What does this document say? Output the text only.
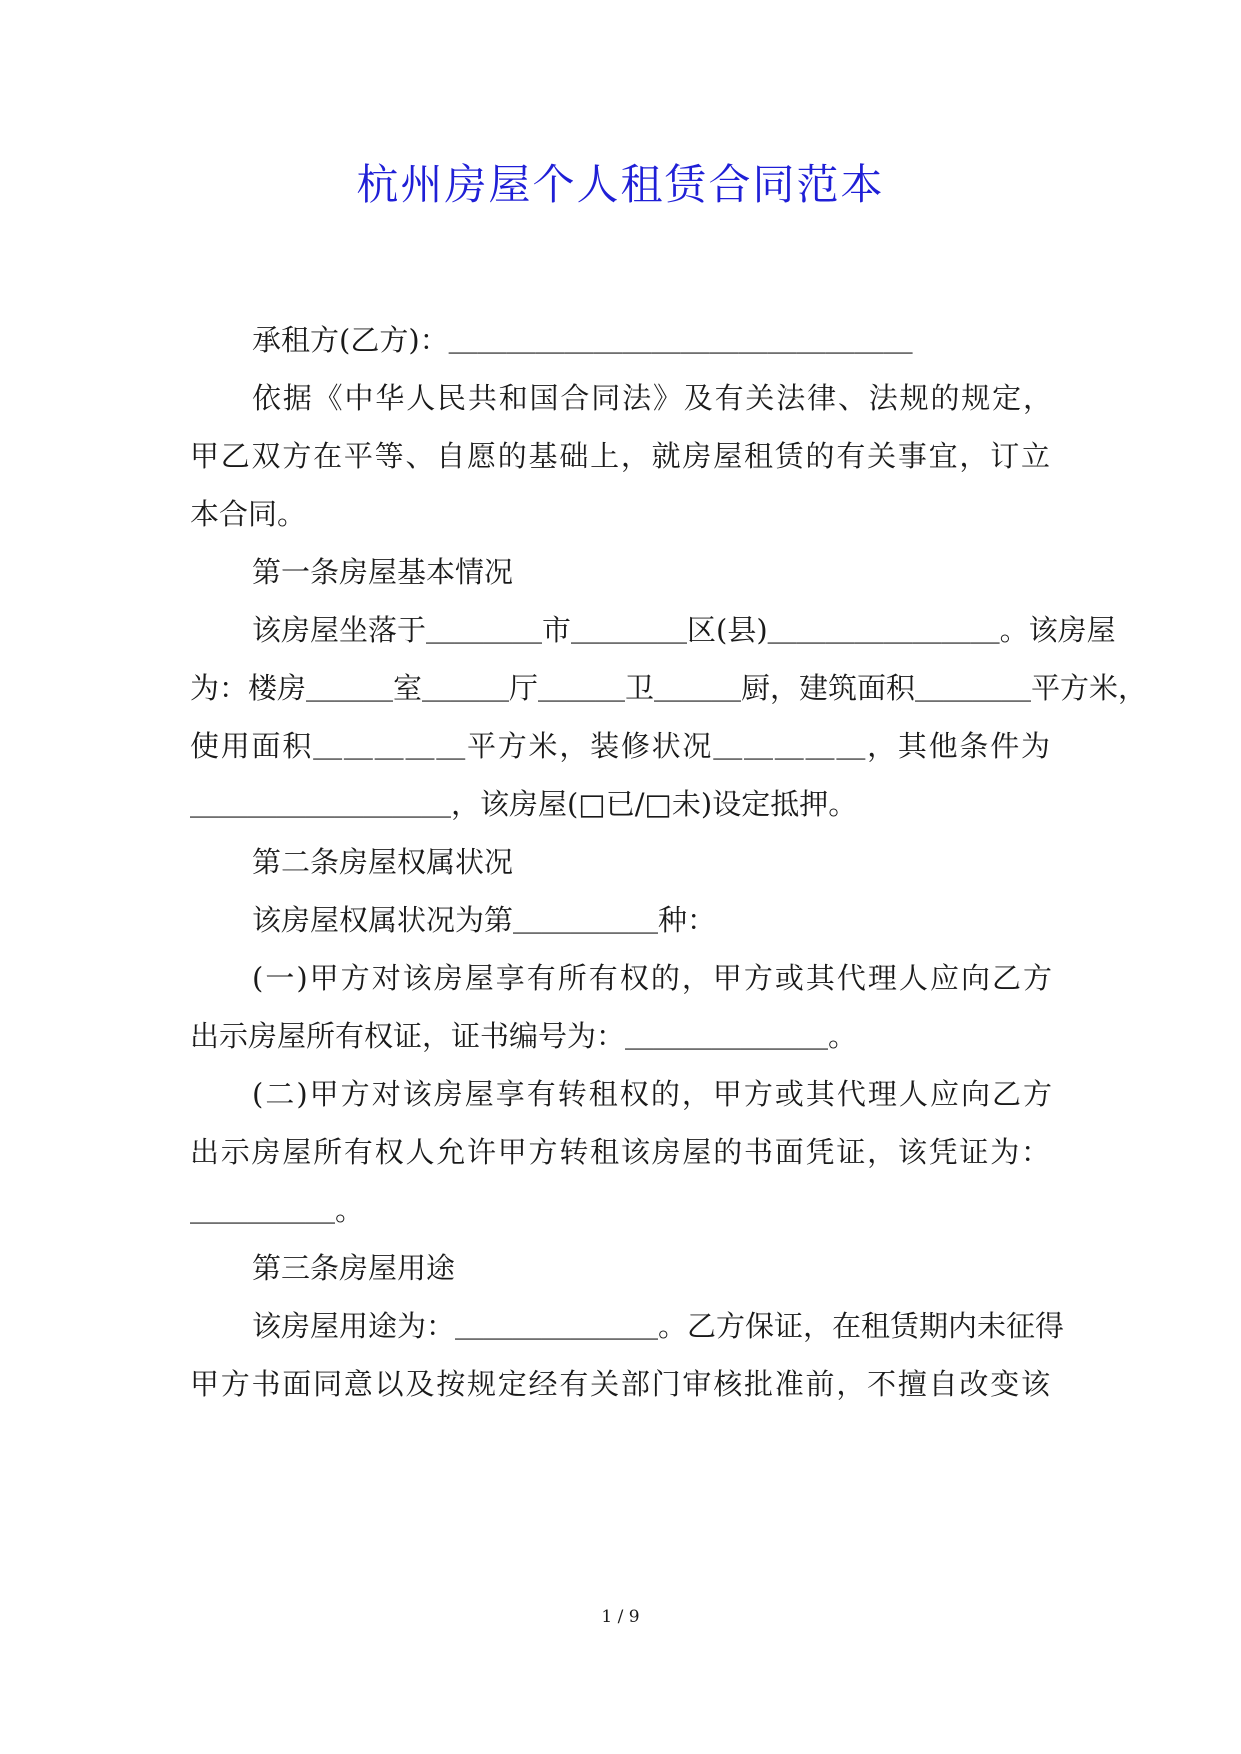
杭州房屋个人租赁合同范本
承租方(乙方)：＿＿＿＿＿＿＿＿＿＿＿＿＿＿＿＿
依据《中华人民共和国合同法》及有关法律、法规的规定，
甲乙双方在平等、自愿的基础上，就房屋租赁的有关事宜，订立
本合同。
第一条房屋基本情况
该房屋坐落于＿＿＿＿市＿＿＿＿区(县)＿＿＿＿＿＿＿＿。该房屋
为：楼房＿＿＿室＿＿＿厅＿＿＿卫＿＿＿厨，建筑面积＿＿＿＿平方米，
使用面积＿＿＿＿＿平方米，装修状况＿＿＿＿＿，其他条件为
＿＿＿＿＿＿＿＿＿，该房屋(□已/□未)设定抵押。
第二条房屋权属状况
该房屋权属状况为第＿＿＿＿＿种：
(一)甲方对该房屋享有所有权的，甲方或其代理人应向乙方
出示房屋所有权证，证书编号为：＿＿＿＿＿＿＿。
(二)甲方对该房屋享有转租权的，甲方或其代理人应向乙方
出示房屋所有权人允许甲方转租该房屋的书面凭证，该凭证为：
＿＿＿＿＿。
第三条房屋用途
该房屋用途为：＿＿＿＿＿＿＿。乙方保证，在租赁期内未征得
甲方书面同意以及按规定经有关部门审核批准前，不擅自改变该
1 / 9
